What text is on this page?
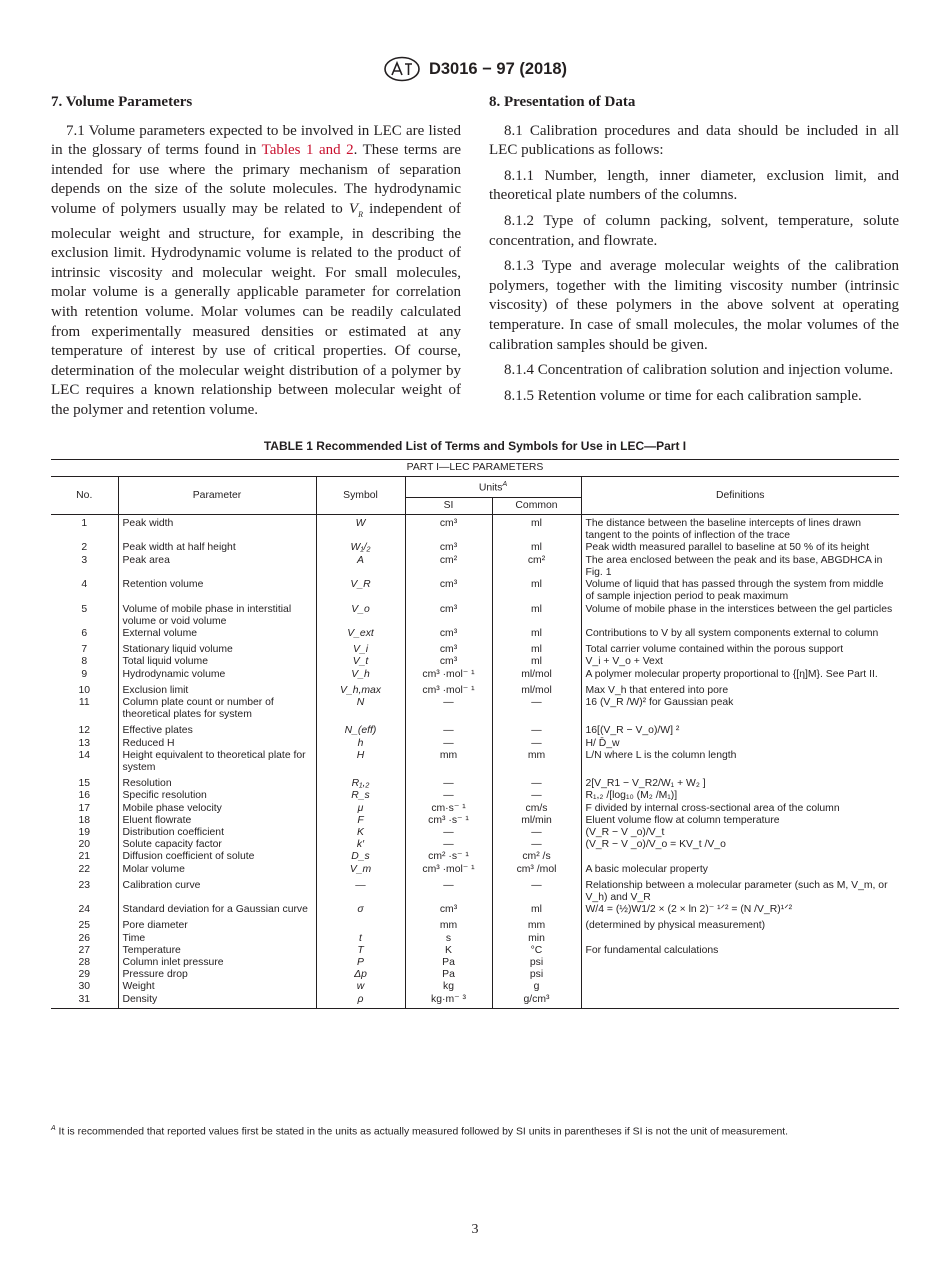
D3016 − 97 (2018)
7. Volume Parameters

7.1 Volume parameters expected to be involved in LEC are listed in the glossary of terms found in Tables 1 and 2. These terms are intended for use where the primary mechanism of separation depends on the size of the solute molecules. The hydrodynamic volume of polymers usually may be related to $V_R$ independent of molecular weight and structure, for example, in describing the exclusion limit. Hydrodynamic volume is related to the product of intrinsic viscosity and molecular weight. For small molecules, molar volume is a generally applicable parameter for correlation with retention volume. Molar volumes can be readily calculated from experimentally measured densities or estimated at any temperature of interest by use of critical properties. Of course, determination of the molecular weight distribution of a polymer by LEC requires a known relationship between molecular weight of the polymer and retention volume.

8. Presentation of Data

8.1 Calibration procedures and data should be included in all LEC publications as follows:

8.1.1 Number, length, inner diameter, exclusion limit, and theoretical plate numbers of the columns.

8.1.2 Type of column packing, solvent, temperature, solute concentration, and flowrate.

8.1.3 Type and average molecular weights of the calibration polymers, together with the limiting viscosity number (intrinsic viscosity) of these polymers in the above solvent at operating temperature. In case of small molecules, the molar volumes of the calibration samples should be given.

8.1.4 Concentration of calibration solution and injection volume.

8.1.5 Retention volume or time for each calibration sample.

TABLE 1 Recommended List of Terms and Symbols for Use in LEC—Part I
PART I—LEC PARAMETERS					
No.	Parameter	Symbol	Units$^A$		Definitions
			SI	Common	
1	Peak width	W	cm³	ml	The distance between the baseline intercepts of lines drawn tangent to the points of inflection of the trace
2	Peak width at half height	W₁/₂	cm³	ml	Peak width measured parallel to baseline at 50 % of its height
3	Peak area	A	cm²	cm²	The area enclosed between the peak and its base, ABGDHCA in Fig. 1
4	Retention volume	V_R	cm³	ml	Volume of liquid that has passed through the system from middle of sample injection period to peak maximum
5	Volume of mobile phase in interstitial volume or void volume	V_o	cm³	ml	Volume of mobile phase in the interstices between the gel particles
6	External volume	V_ext	cm³	ml	Contributions to V by all system components external to column
7	Stationary liquid volume	V_i	cm³	ml	Total carrier volume contained within the porous support
8	Total liquid volume	V_t	cm³	ml	V_i + V_o + Vext
9	Hydrodynamic volume	V_h	cm³ ·mol⁻ ¹	ml/mol	A polymer molecular property proportional to {[η]M}. See Part II.
10	Exclusion limit	V_h,max	cm³ ·mol⁻ ¹	ml/mol	Max V_h that entered into pore
11	Column plate count or number of theoretical plates for system	N	—	—	16 (V_R /W)² for Gaussian peak
12	Effective plates	N_(eff)	—	—	16[(V_R − V_o)/W] ²
13	Reduced H	h	—	—	H/ D̄_w
14	Height equivalent to theoretical plate for system	H	mm	mm	L/N where L is the column length
15	Resolution	R₁,₂	—	—	2[V_R1 − V_R2/W₁ + W₂ ]
16	Specific resolution	R_s	—	—	R₁,₂ /[log₁₀ (M₂ /M₁)]
17	Mobile phase velocity	μ	cm·s⁻ ¹	cm/s	F divided by internal cross-sectional area of the column
18	Eluent flowrate	F	cm³ ·s⁻ ¹	ml/min	Eluent volume flow at column temperature
19	Distribution coefficient	K	—	—	(V_R − V _o)/V_t
20	Solute capacity factor	k′	—	—	(V_R − V _o)/V_o = KV_t /V_o
21	Diffusion coefficient of solute	D_s	cm² ·s⁻ ¹	cm² /s	
22	Molar volume	V_m	cm³ ·mol⁻ ¹	cm³ /mol	A basic molecular property
23	Calibration curve	—	—	—	Relationship between a molecular parameter (such as M, V_m, or V_h) and V_R
24	Standard deviation for a Gaussian curve	σ	cm³	ml	W/4 = (½)W1/2 × (2 × ln 2)⁻ ¹ᐟ² = (N /V_R)¹ᐟ²
25	Pore diameter		mm	mm	(determined by physical measurement)
26	Time	t	s	min	
27	Temperature	T	K	°C	For fundamental calculations
28	Column inlet pressure	P	Pa	psi	
29	Pressure drop	Δp	Pa	psi	
30	Weight	w	kg	g	
31	Density	ρ	kg·m⁻ ³	g/cm³	
$^A$ It is recommended that reported values first be stated in the units as actually measured followed by SI units in parentheses if SI is not the unit of measurement.
3
